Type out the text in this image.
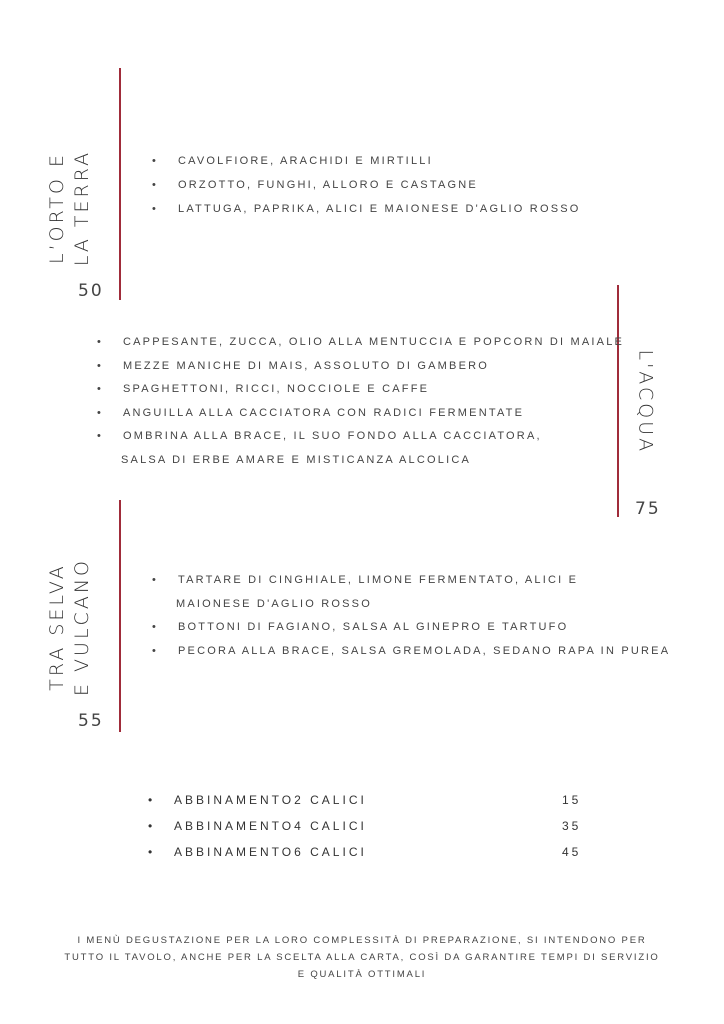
L’ORTO E LA TERRA
50
• CAVOLFIORE, ARACHIDI E MIRTILLI
• ORZOTTO, FUNGHI, ALLORO E CASTAGNE
• LATTUGA, PAPRIKA, ALICI E MAIONESE D'AGLIO ROSSO
L'ACQUA
75
• CAPPESANTE, ZUCCA, OLIO ALLA MENTUCCIA E POPCORN DI MAIALE
• MEZZE MANICHE DI MAIS, ASSOLUTO DI GAMBERO
• SPAGHETTONI, RICCI, NOCCIOLE E CAFFE
• ANGUILLA ALLA CACCIATORA CON RADICI FERMENTATE
• OMBRINA ALLA BRACE, IL SUO FONDO ALLA CACCIATORA,
SALSA DI ERBE AMARE E MISTICANZA ALCOLICA
TRA SELVA E VULCANO
55
• TARTARE DI CINGHIALE, LIMONE FERMENTATO, ALICI E
MAIONESE D'AGLIO ROSSO
• BOTTONI DI FAGIANO, SALSA AL GINEPRO E TARTUFO
• PECORA ALLA BRACE, SALSA GREMOLADA, SEDANO RAPA IN PUREA
• ABBINAMENTO2 CALICI	15
• ABBINAMENTO4 CALICI	35
• ABBINAMENTO6 CALICI	45
I MENÙ DEGUSTAZIONE PER LA LORO COMPLESSITÀ DI PREPARAZIONE, SI INTENDONO PER
TUTTO IL TAVOLO, ANCHE PER LA SCELTA ALLA CARTA, COSÌ DA GARANTIRE TEMPI DI SERVIZIO
E QUALITÀ OTTIMALI
